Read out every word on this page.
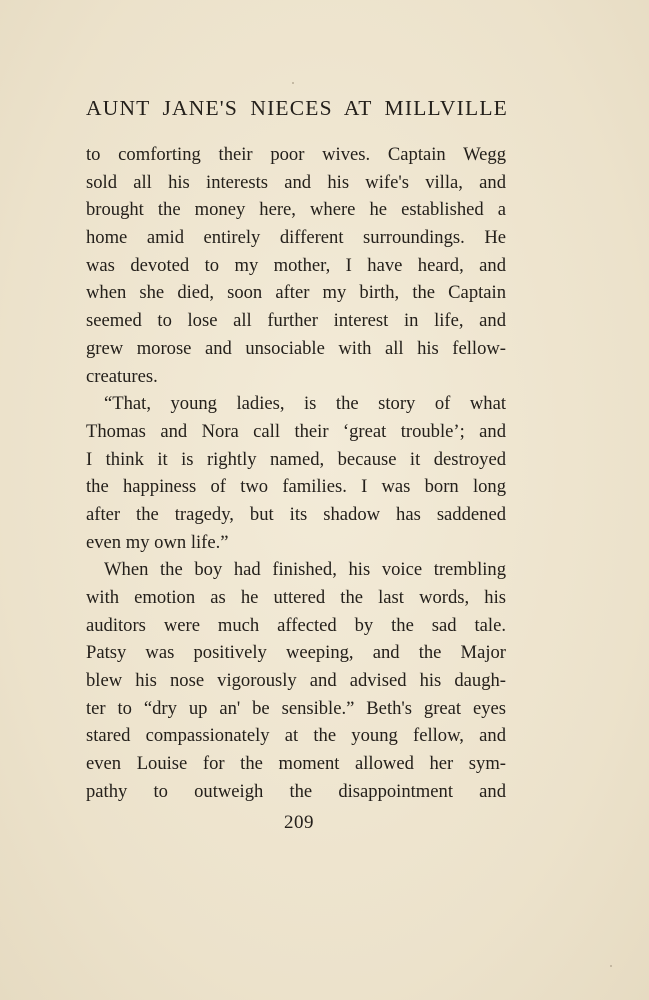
AUNT JANE'S NIECES AT MILLVILLE
to comforting their poor wives. Captain Wegg
sold all his interests and his wife's villa, and
brought the money here, where he established a
home amid entirely different surroundings. He
was devoted to my mother, I have heard, and
when she died, soon after my birth, the Captain
seemed to lose all further interest in life, and
grew morose and unsociable with all his fellow-
creatures.
“That, young ladies, is the story of what
Thomas and Nora call their ‘great trouble’; and
I think it is rightly named, because it destroyed
the happiness of two families. I was born long
after the tragedy, but its shadow has saddened
even my own life.”
When the boy had finished, his voice trembling
with emotion as he uttered the last words, his
auditors were much affected by the sad tale.
Patsy was positively weeping, and the Major
blew his nose vigorously and advised his daugh-
ter to “dry up an' be sensible.” Beth's great eyes
stared compassionately at the young fellow, and
even Louise for the moment allowed her sym-
pathy to outweigh the disappointment and

209
